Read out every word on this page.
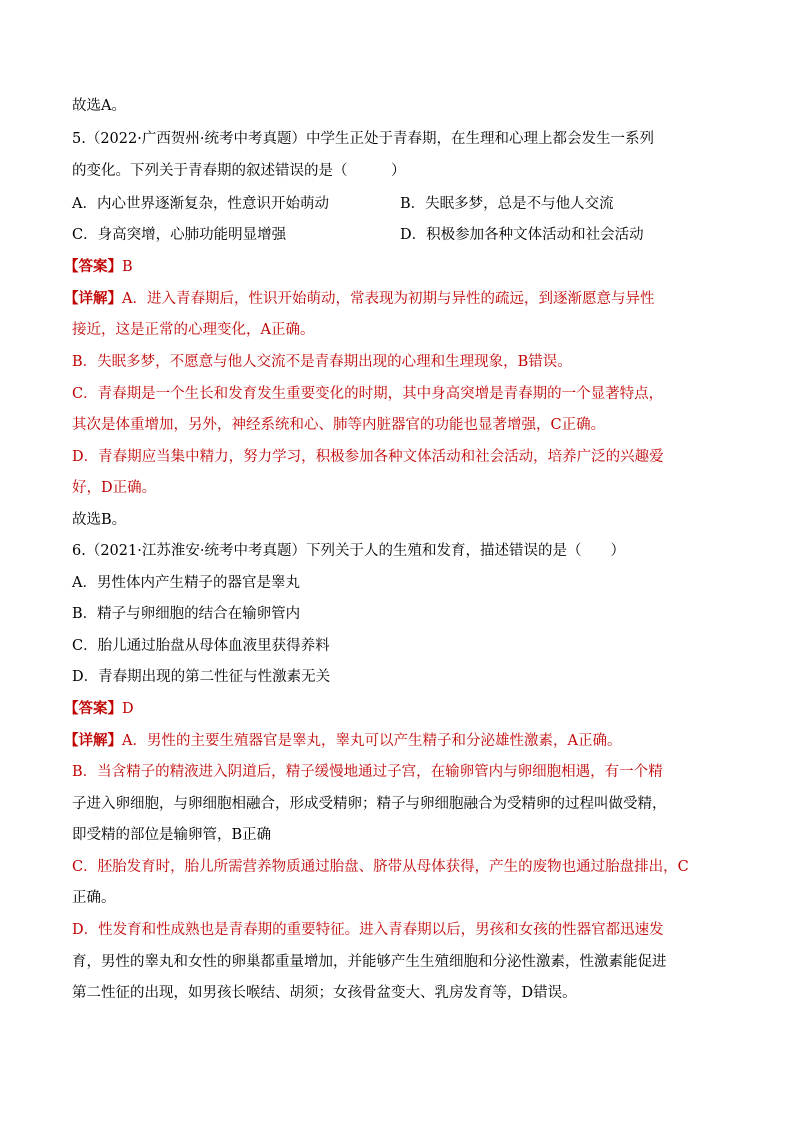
故选A。
5.（2022·广西贺州·统考中考真题）中学生正处于青春期，在生理和心理上都会发生一系列
的变化。下列关于青春期的叙述错误的是（　　　）
A．内心世界逐渐复杂，性意识开始萌动	B．失眠多梦，总是不与他人交流
C．身高突增，心肺功能明显增强	D．积极参加各种文体活动和社会活动
【答案】B
【详解】A．进入青春期后，性识开始萌动，常表现为初期与异性的疏远，到逐渐愿意与异性
接近，这是正常的心理变化，A正确。
B．失眠多梦，不愿意与他人交流不是青春期出现的心理和生理现象，B错误。
C．青春期是一个生长和发育发生重要变化的时期，其中身高突增是青春期的一个显著特点，
其次是体重增加，另外，神经系统和心、肺等内脏器官的功能也显著增强，C正确。
D．青春期应当集中精力，努力学习，积极参加各种文体活动和社会活动，培养广泛的兴趣爱
好，D正确。
故选B。
6.（2021·江苏淮安·统考中考真题）下列关于人的生殖和发育，描述错误的是（　　）
A．男性体内产生精子的器官是睾丸
B．精子与卵细胞的结合在输卵管内
C．胎儿通过胎盘从母体血液里获得养料
D．青春期出现的第二性征与性激素无关
【答案】D
【详解】A．男性的主要生殖器官是睾丸，睾丸可以产生精子和分泌雄性激素，A正确。
B．当含精子的精液进入阴道后，精子缓慢地通过子宫，在输卵管内与卵细胞相遇，有一个精
子进入卵细胞，与卵细胞相融合，形成受精卵；精子与卵细胞融合为受精卵的过程叫做受精，
即受精的部位是输卵管，B正确
C．胚胎发育时，胎儿所需营养物质通过胎盘、脐带从母体获得，产生的废物也通过胎盘排出，C
正确。
D．性发育和性成熟也是青春期的重要特征。进入青春期以后，男孩和女孩的性器官都迅速发
育，男性的睾丸和女性的卵巢都重量增加，并能够产生生殖细胞和分泌性激素，性激素能促进
第二性征的出现，如男孩长喉结、胡须；女孩骨盆变大、乳房发育等，D错误。
